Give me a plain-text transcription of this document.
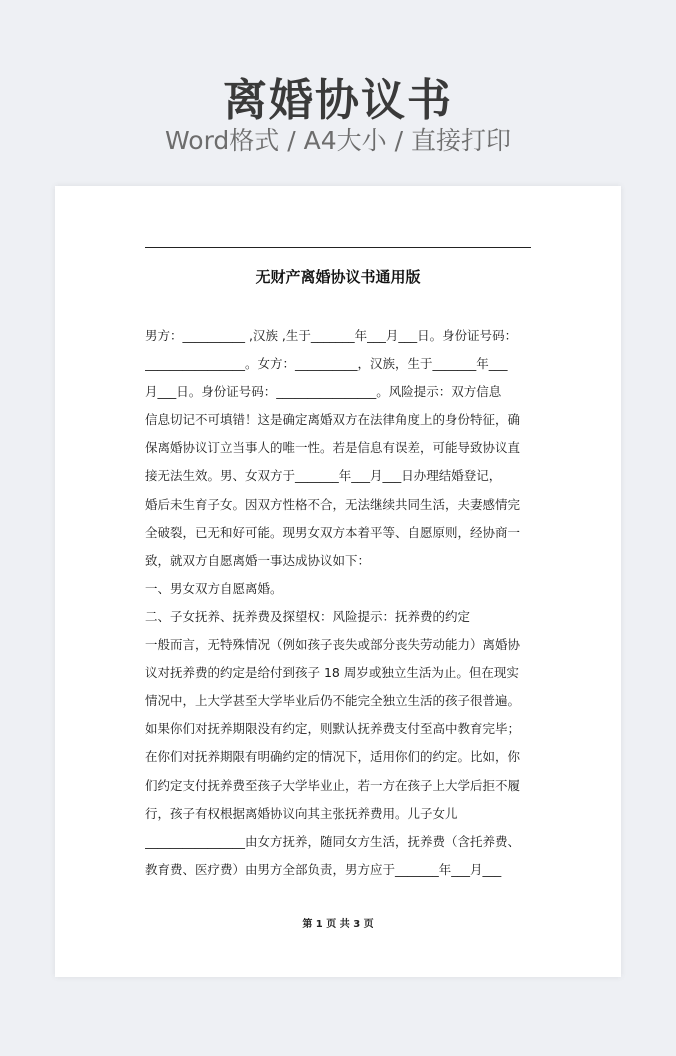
离婚协议书
Word格式 / A4大小 / 直接打印
无财产离婚协议书通用版
男方：__________ ,汉族 ,生于_______年___月___日。身份证号码：
________________。女方：__________，汉族，生于_______年___
月___日。身份证号码：________________。风险提示：双方信息
信息切记不可填错！这是确定离婚双方在法律角度上的身份特征，确
保离婚协议订立当事人的唯一性。若是信息有误差，可能导致协议直
接无法生效。男、女双方于_______年___月___日办理结婚登记，
婚后未生育子女。因双方性格不合，无法继续共同生活，夫妻感情完
全破裂，已无和好可能。现男女双方本着平等、自愿原则，经协商一
致，就双方自愿离婚一事达成协议如下：
一、男女双方自愿离婚。
二、子女抚养、抚养费及探望权：风险提示：抚养费的约定
一般而言，无特殊情况（例如孩子丧失或部分丧失劳动能力）离婚协
议对抚养费的约定是给付到孩子 18 周岁或独立生活为止。但在现实
情况中，上大学甚至大学毕业后仍不能完全独立生活的孩子很普遍。
如果你们对抚养期限没有约定，则默认抚养费支付至高中教育完毕；
在你们对抚养期限有明确约定的情况下，适用你们的约定。比如，你
们约定支付抚养费至孩子大学毕业止，若一方在孩子上大学后拒不履
行，孩子有权根据离婚协议向其主张抚养费用。儿子女儿
________________由女方抚养，随同女方生活，抚养费（含托养费、
教育费、医疗费）由男方全部负责，男方应于_______年___月___
第 1 页 共 3 页
